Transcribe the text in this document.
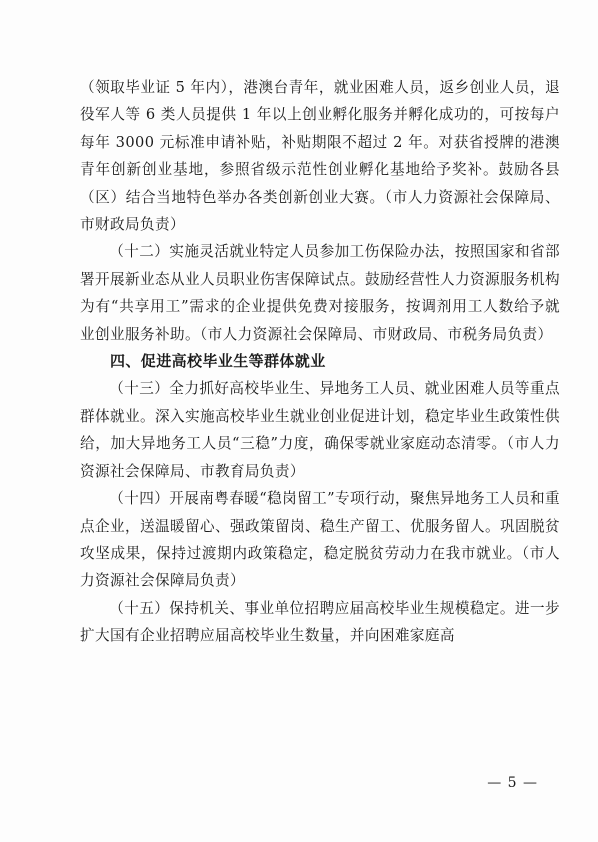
（领取毕业证 5 年内），港澳台青年，就业困难人员，返乡创业人员，退役军人等 6 类人员提供 1 年以上创业孵化服务并孵化成功的，可按每户每年 3000 元标准申请补贴，补贴期限不超过 2 年。对获省授牌的港澳青年创新创业基地，参照省级示范性创业孵化基地给予奖补。鼓励各县（区）结合当地特色举办各类创新创业大赛。（市人力资源社会保障局、市财政局负责）

（十二）实施灵活就业特定人员参加工伤保险办法，按照国家和省部署开展新业态从业人员职业伤害保障试点。鼓励经营性人力资源服务机构为有“共享用工”需求的企业提供免费对接服务，按调剂用工人数给予就业创业服务补助。（市人力资源社会保障局、市财政局、市税务局负责）

四、促进高校毕业生等群体就业

（十三）全力抓好高校毕业生、异地务工人员、就业困难人员等重点群体就业。深入实施高校毕业生就业创业促进计划，稳定毕业生政策性供给，加大异地务工人员“三稳”力度，确保零就业家庭动态清零。（市人力资源社会保障局、市教育局负责）

（十四）开展南粤春暖“稳岗留工”专项行动，聚焦异地务工人员和重点企业，送温暖留心、强政策留岗、稳生产留工、优服务留人。巩固脱贫攻坚成果，保持过渡期内政策稳定，稳定脱贫劳动力在我市就业。（市人力资源社会保障局负责）

（十五）保持机关、事业单位招聘应届高校毕业生规模稳定。进一步扩大国有企业招聘应届高校毕业生数量，并向困难家庭高

— 5 —
